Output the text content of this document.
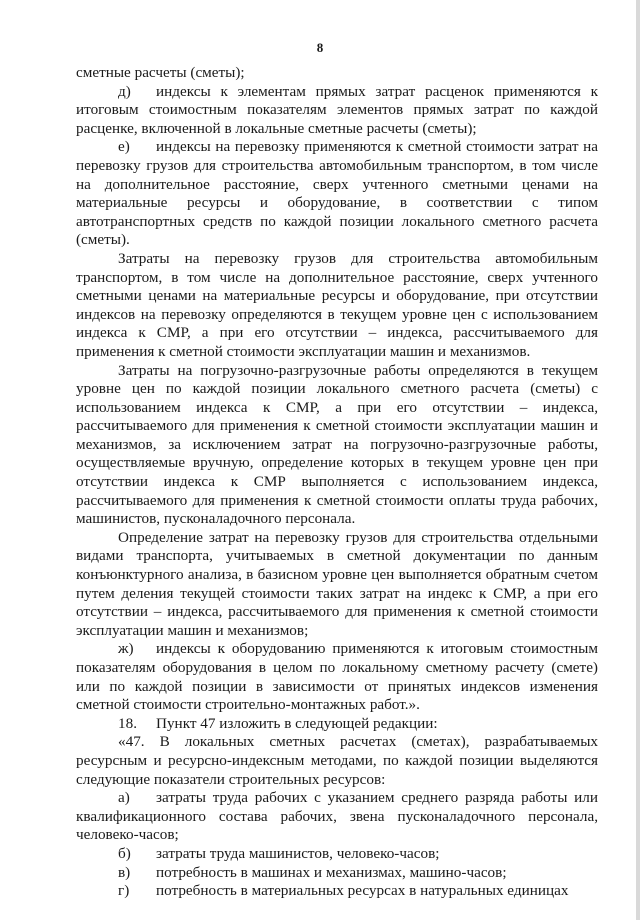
8

сметные расчеты (сметы);

д) индексы к элементам прямых затрат расценок применяются к итоговым стоимостным показателям элементов прямых затрат по каждой расценке, включенной в локальные сметные расчеты (сметы);

е) индексы на перевозку применяются к сметной стоимости затрат на перевозку грузов для строительства автомобильным транспортом, в том числе на дополнительное расстояние, сверх учтенного сметными ценами на материальные ресурсы и оборудование, в соответствии с типом автотранспортных средств по каждой позиции локального сметного расчета (сметы).

Затраты на перевозку грузов для строительства автомобильным транспортом, в том числе на дополнительное расстояние, сверх учтенного сметными ценами на материальные ресурсы и оборудование, при отсутствии индексов на перевозку определяются в текущем уровне цен с использованием индекса к СМР, а при его отсутствии – индекса, рассчитываемого для применения к сметной стоимости эксплуатации машин и механизмов.

Затраты на погрузочно-разгрузочные работы определяются в текущем уровне цен по каждой позиции локального сметного расчета (сметы) с использованием индекса к СМР, а при его отсутствии – индекса, рассчитываемого для применения к сметной стоимости эксплуатации машин и механизмов, за исключением затрат на погрузочно-разгрузочные работы, осуществляемые вручную, определение которых в текущем уровне цен при отсутствии индекса к СМР выполняется с использованием индекса, рассчитываемого для применения к сметной стоимости оплаты труда рабочих, машинистов, пусконаладочного персонала.

Определение затрат на перевозку грузов для строительства отдельными видами транспорта, учитываемых в сметной документации по данным конъюнктурного анализа, в базисном уровне цен выполняется обратным счетом путем деления текущей стоимости таких затрат на индекс к СМР, а при его отсутствии – индекса, рассчитываемого для применения к сметной стоимости эксплуатации машин и механизмов;

ж) индексы к оборудованию применяются к итоговым стоимостным показателям оборудования в целом по локальному сметному расчету (смете) или по каждой позиции в зависимости от принятых индексов изменения сметной стоимости строительно-монтажных работ.».

18. Пункт 47 изложить в следующей редакции:

«47. В локальных сметных расчетах (сметах), разрабатываемых ресурсным и ресурсно-индексным методами, по каждой позиции выделяются следующие показатели строительных ресурсов:

а) затраты труда рабочих с указанием среднего разряда работы или квалификационного состава рабочих, звена пусконаладочного персонала, человеко-часов;

б) затраты труда машинистов, человеко-часов;

в) потребность в машинах и механизмах, машино-часов;

г) потребность в материальных ресурсах в натуральных единицах
